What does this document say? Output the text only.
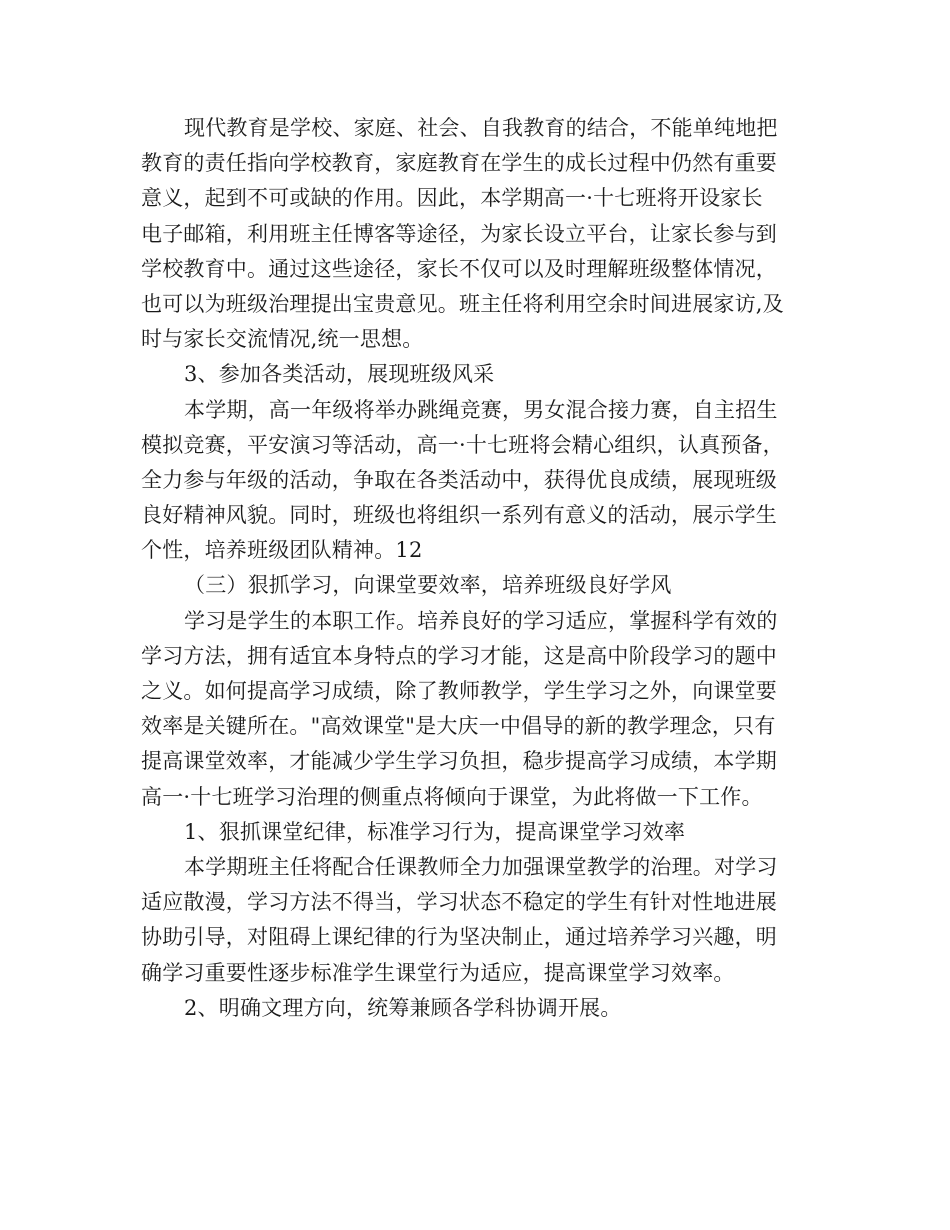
现代教育是学校、家庭、社会、自我教育的结合，不能单纯地把
教育的责任指向学校教育，家庭教育在学生的成长过程中仍然有重要
意义，起到不可或缺的作用。因此，本学期高一·十七班将开设家长
电子邮箱，利用班主任博客等途径，为家长设立平台，让家长参与到
学校教育中。通过这些途径，家长不仅可以及时理解班级整体情况，
也可以为班级治理提出宝贵意见。班主任将利用空余时间进展家访,及
时与家长交流情况,统一思想。
3、参加各类活动，展现班级风采
本学期，高一年级将举办跳绳竞赛，男女混合接力赛，自主招生
模拟竞赛，平安演习等活动，高一·十七班将会精心组织，认真预备，
全力参与年级的活动，争取在各类活动中，获得优良成绩，展现班级
良好精神风貌。同时，班级也将组织一系列有意义的活动，展示学生
个性，培养班级团队精神。12
（三）狠抓学习，向课堂要效率，培养班级良好学风
学习是学生的本职工作。培养良好的学习适应，掌握科学有效的
学习方法，拥有适宜本身特点的学习才能，这是高中阶段学习的题中
之义。如何提高学习成绩，除了教师教学，学生学习之外，向课堂要
效率是关键所在。"高效课堂"是大庆一中倡导的新的教学理念，只有
提高课堂效率，才能减少学生学习负担，稳步提高学习成绩，本学期
高一·十七班学习治理的侧重点将倾向于课堂，为此将做一下工作。
1、狠抓课堂纪律，标准学习行为，提高课堂学习效率
本学期班主任将配合任课教师全力加强课堂教学的治理。对学习
适应散漫，学习方法不得当，学习状态不稳定的学生有针对性地进展
协助引导，对阻碍上课纪律的行为坚决制止，通过培养学习兴趣，明
确学习重要性逐步标准学生课堂行为适应，提高课堂学习效率。
2、明确文理方向，统筹兼顾各学科协调开展。
